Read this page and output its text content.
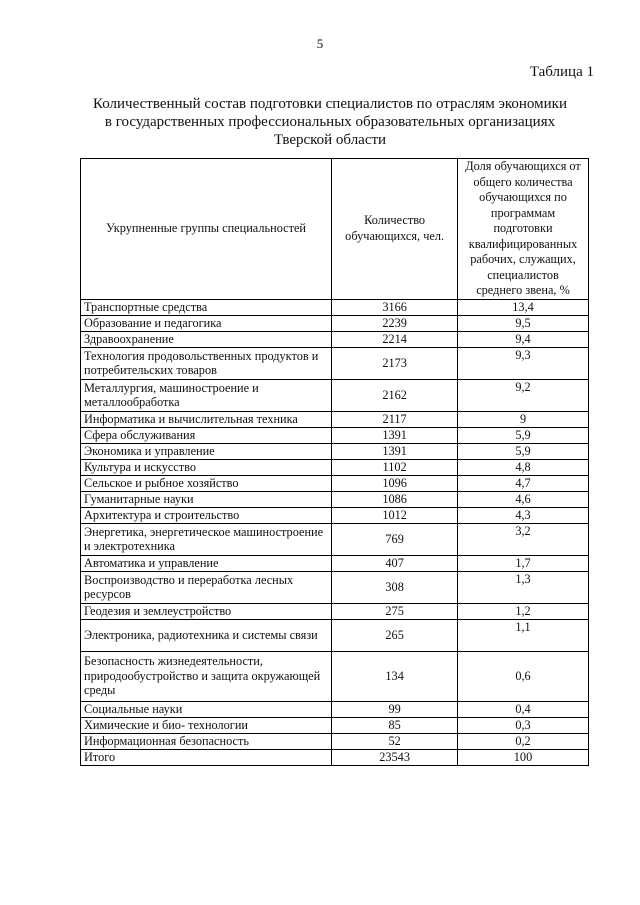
5
Таблица 1
Количественный состав подготовки специалистов по отраслям экономики
в государственных профессиональных образовательных организациях
Тверской области
Укрупненные группы специальностей	Количество обучающихся, чел.	Доля обучающихся от общего количества обучающихся по программам подготовки квалифицированных рабочих, служащих, специалистов среднего звена, %
Транспортные средства	3166	13,4
Образование и педагогика	2239	9,5
Здравоохранение	2214	9,4
Технология продовольственных продуктов и потребительских товаров	2173	9,3
Металлургия, машиностроение и металлообработка	2162	9,2
Информатика и вычислительная техника	2117	9
Сфера обслуживания	1391	5,9
Экономика и управление	1391	5,9
Культура и искусство	1102	4,8
Сельское и рыбное хозяйство	1096	4,7
Гуманитарные науки	1086	4,6
Архитектура и строительство	1012	4,3
Энергетика, энергетическое машиностроение и электротехника	769	3,2
Автоматика и управление	407	1,7
Воспроизводство и переработка лесных ресурсов	308	1,3
Геодезия и землеустройство	275	1,2
Электроника, радиотехника и системы связи	265	1,1
Безопасность жизнедеятельности, природообустройство и защита окружающей среды	134	0,6
Социальные науки	99	0,4
Химические и био- технологии	85	0,3
Информационная безопасность	52	0,2
Итого	23543	100
